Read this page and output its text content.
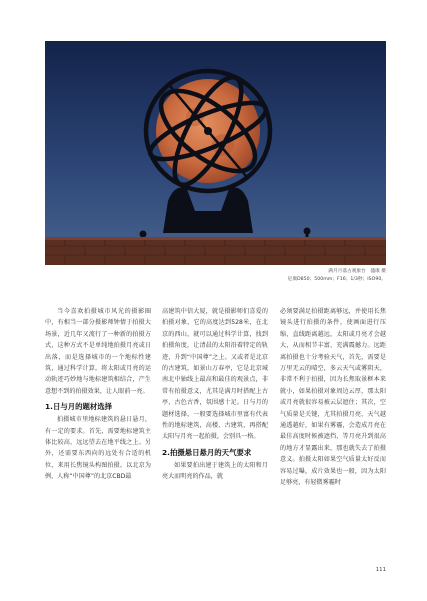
满月月落古观象台　盛康 摄
尼康D850；500mm；F16；1/3秒；ISO90。

当今喜欢拍摄城市风光的摄影圈中，有相当一部分摄影师钟情于拍摄大场景，近几年又流行了一种新的拍摄方式，这种方式不是单纯地拍摄月亮或日出落，而是选择城市的一个地标性建筑，通过科学计算，将太阳或月亮的运动轨迹巧妙地与地标建筑相结合，产生意想不到的拍摄效果，让人眼前一亮。

1.日与月的题材选择

拍摄城市里地标建筑的悬日悬月，有一定的要求。首先，需要地标建筑主体比较高，远远望去在地平线之上。另外，还需要东西向的远处有合适的机位，来用长焦镜头构图拍摄。以北京为例，人称“中国尊”的北京CBD最

高建筑中信大厦，就是摄影师们喜爱的拍摄对象，它的高度达到528米，在北京的西山，就可以通过科学计算，找到拍摄角度，让清晨的太阳沿着特定的轨迹，升到“中国尊”之上。又或者是北京的古建筑，如景山万春亭，它是北京城南北中轴线上最高和最佳的观景点，非常有拍摄意义，尤其是满月时搭配上古亭，古色古香，氛围感十足。日与月的题材选择，一般要选择城市里富有代表性的地标建筑，高楼、古建筑，再搭配太阳与月亮一起拍摄，会别具一格。

2.拍摄悬日悬月的天气要求

如果要拍出建于建筑上的太阳和月亮大而明亮的作品，就

必须要满足拍摄距离够远，并使用长焦镜头进行拍摄的条件，使画面进行压缩，直线距离越远，太阳或月亮才会越大，从而相节丰富、充满震撼力。远距离拍摄也十分考验天气，首先，需要是万里无云的晴空，多云天气或雾阴天，非常不利于拍摄，因为长焦取景框本来就小，如果拍摄对象周边云厚，那太阳或月亮就很容易被云层遮住；其次，空气质量是关键，尤其拍摄月亮，天气越通透越好，如果有雾霾，会造成月亮在最佳高度时候被遮挡，等月亮升到很高的地方才显露出来，那也就失去了拍摄意义。拍摄太阳如果空气质量太好反而容易过曝，成片效果也一般，因为太阳足够亮，有轻微雾霾时

111
